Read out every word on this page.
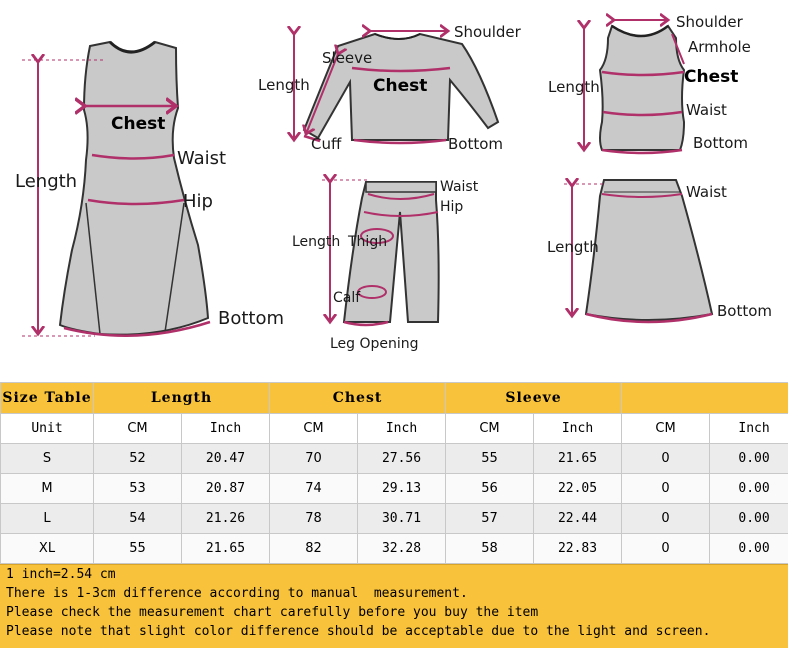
Chest
Waist
Hip
Length
Bottom
Shoulder
Sleeve
Length	Chest
Cuff	Bottom
Waist
Hip
Length Thigh
Calf
Leg Opening
Shoulder
Armhole
Length	Chest
Waist
Bottom
Waist
Length
Bottom
Size Table	Length		Chest		Sleeve			
Unit	CM	Inch	CM	Inch	CM	Inch	CM	Inch
S	52	20.47	70	27.56	55	21.65	0	0.00
M	53	20.87	74	29.13	56	22.05	0	0.00
L	54	21.26	78	30.71	57	22.44	0	0.00
XL	55	21.65	82	32.28	58	22.83	0	0.00
1 inch=2.54 cm
There is 1-3cm difference according to manual  measurement.
Please check the measurement chart carefully before you buy the item
Please note that slight color difference should be acceptable due to the light and screen.
